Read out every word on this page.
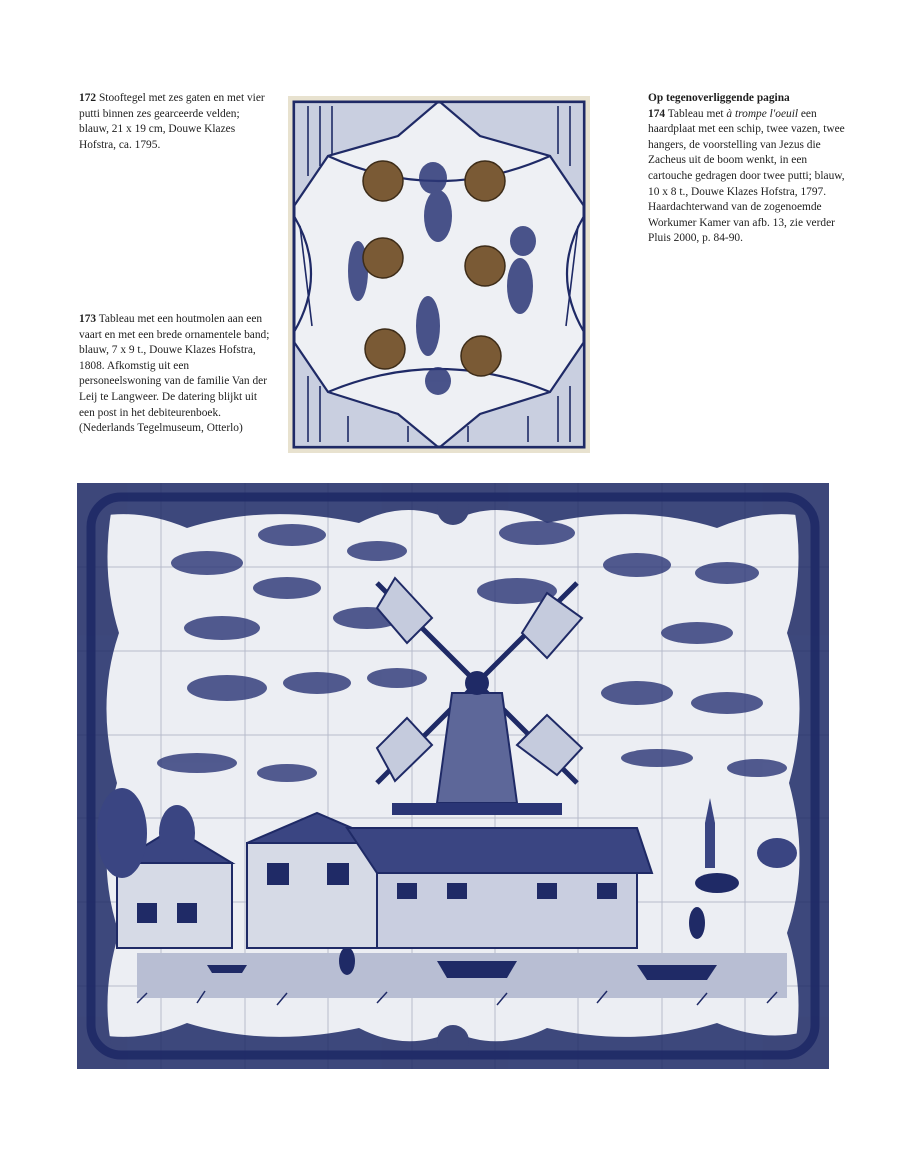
172 Stooftegel met zes gaten en met vier putti binnen zes gearceerde velden; blauw, 21 x 19 cm, Douwe Klazes Hofstra, ca. 1795.

173 Tableau met een houtmolen aan een vaart en met een brede ornamentele band; blauw, 7 x 9 t., Douwe Klazes Hofstra, 1808. Afkomstig uit een personeelswoning van de familie Van der Leij te Langweer. De datering blijkt uit een post in het debiteurenboek. (Nederlands Tegelmuseum, Otterlo)

Op tegenoverliggende pagina
174 Tableau met à trompe l'oeuil een haardplaat met een schip, twee vazen, twee hangers, de voorstelling van Jezus die Zacheus uit de boom wenkt, in een cartouche gedragen door twee putti; blauw, 10 x 8 t., Douwe Klazes Hofstra, 1797. Haardachterwand van de zogenoemde Workumer Kamer van afb. 13, zie verder Pluis 2000, p. 84-90.
